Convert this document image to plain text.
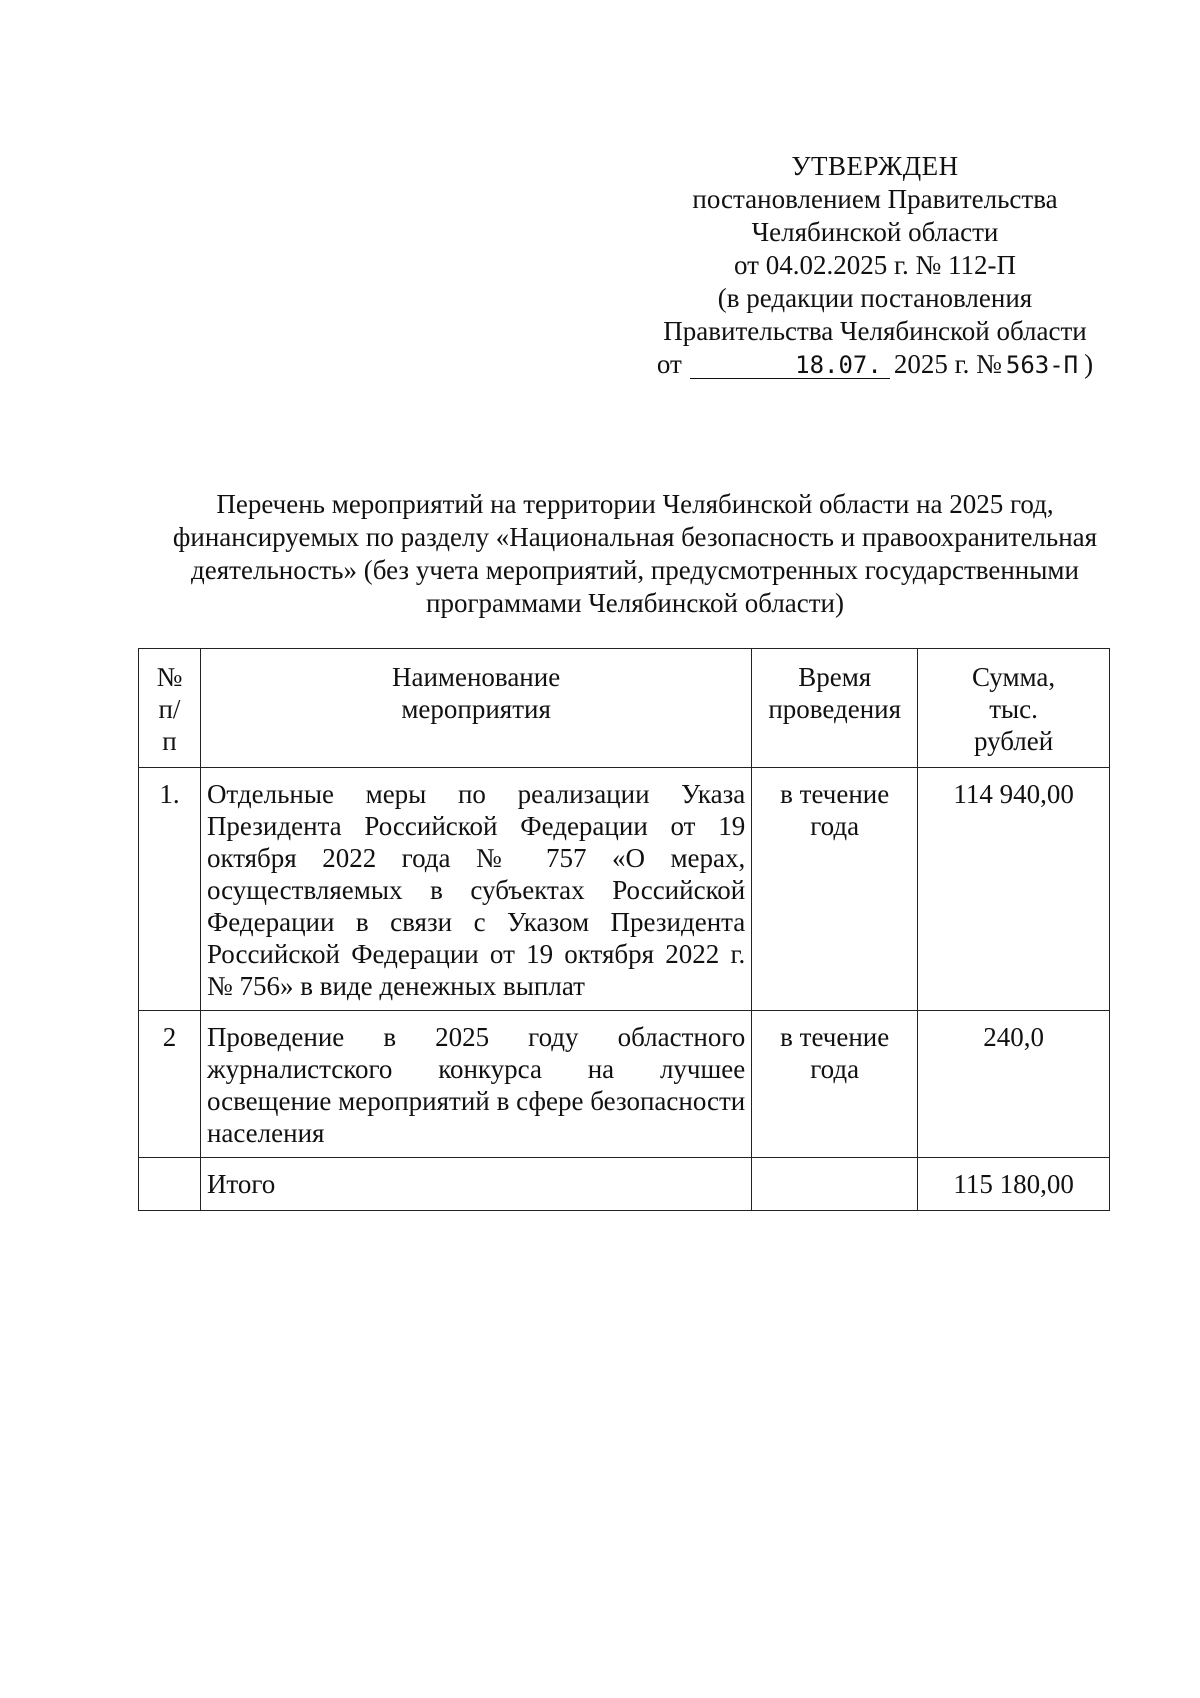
УТВЕРЖДЕН
постановлением Правительства
Челябинской области
от 04.02.2025 г. № 112-П
(в редакции постановления
Правительства Челябинской области
от	18.07. 2025 г. № 563-П )
Перечень мероприятий на территории Челябинской области на 2025 год,
финансируемых по разделу «Национальная безопасность и правоохранительная
деятельность» (без учета мероприятий, предусмотренных государственными
программами Челябинской области)
№ п/п	Наименование мероприятия	Время проведения	Сумма, тыс. рублей
1.	Отдельные меры по реализации Указа Президента Российской Федерации от 19 октября 2022 года № 757 «О мерах, осуществляемых в субъектах Российской Федерации в связи с Указом Президента Российской Федерации от 19 октября 2022 г. № 756» в виде денежных выплат	в течение года	114 940,00
2	Проведение в 2025 году областного журналистского конкурса на лучшее освещение мероприятий в сфере безопасности населения	в течение года	240,0
	Итого		115 180,00
